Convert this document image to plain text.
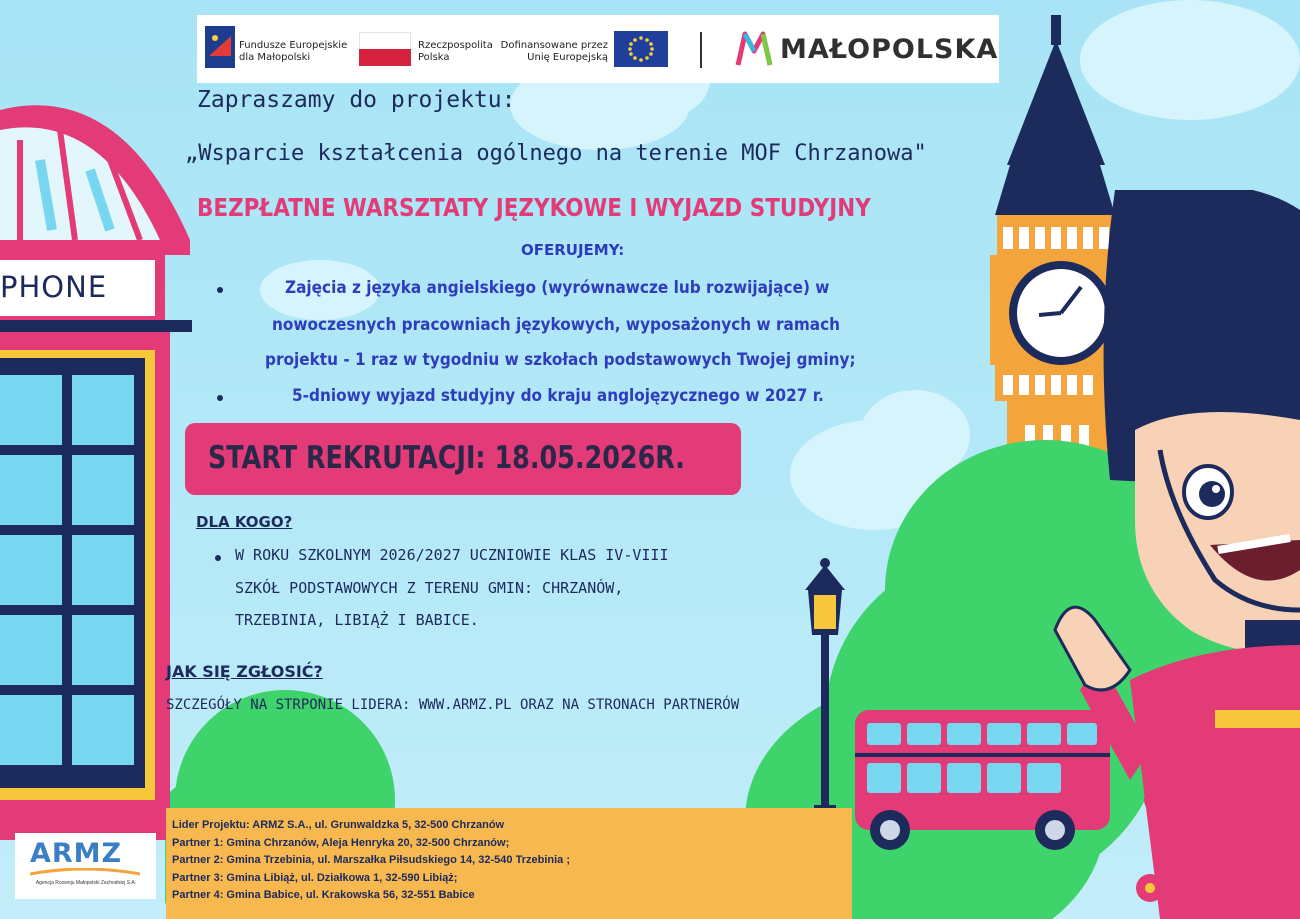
PHONE
Fundusze Europejskie
dla Małopolski
Rzeczpospolita
Polska
Dofinansowane przez
Unię Europejską	MAŁOPOLSKA
Zapraszamy do projektu:
„Wsparcie kształcenia ogólnego na terenie MOF Chrzanowa"
BEZPŁATNE WARSZTATY JĘZYKOWE I WYJAZD STUDYJNY
OFERUJEMY:
Zajęcia z języka angielskiego (wyrównawcze lub rozwijające) w
nowoczesnych pracowniach językowych, wyposażonych w ramach
projektu - 1 raz w tygodniu w szkołach podstawowych Twojej gminy;
5-dniowy wyjazd studyjny do kraju anglojęzycznego w 2027 r.
START REKRUTACJI: 18.05.2026R.
DLA KOGO?
W ROKU SZKOLNYM 2026/2027 UCZNIOWIE KLAS IV-VIII
SZKÓŁ PODSTAWOWYCH Z TERENU GMIN: CHRZANÓW,
TRZEBINIA, LIBIĄŻ I BABICE.
JAK SIĘ ZGŁOSIĆ?
SZCZEGÓŁY NA STRPONIE LIDERA: WWW.ARMZ.PL ORAZ NA STRONACH PARTNERÓW
Lider Projektu: ARMZ S.A., ul. Grunwaldzka 5, 32-500 Chrzanów
Partner 1: Gmina Chrzanów, Aleja Henryka 20, 32-500 Chrzanów;
Partner 2: Gmina Trzebinia, ul. Marszałka Piłsudskiego 14, 32-540 Trzebinia ;
Partner 3: Gmina Libiąż, ul. Działkowa 1, 32-590 Libiąż;
Partner 4: Gmina Babice, ul. Krakowska 56, 32-551 Babice
ARMZ
Agencja Rozwoju Małopolski Zachodniej S.A.
